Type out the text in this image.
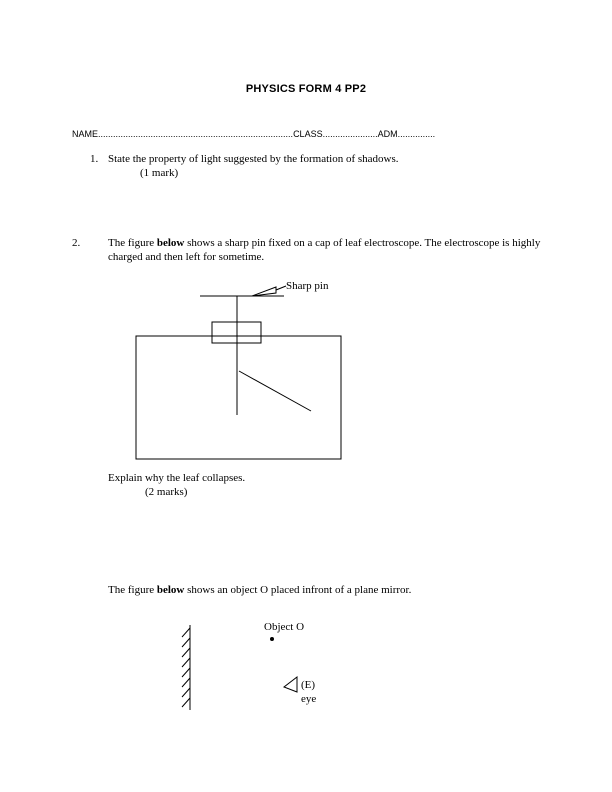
PHYSICS FORM 4 PP2
NAME..............................................................................CLASS......................ADM...............
1. State the property of light suggested by the formation of shadows.
(1 mark)
2.	The figure below shows a sharp pin fixed on a cap of leaf electroscope. The electroscope is highly charged and then left for sometime.
Sharp pin
Explain why the leaf collapses.
(2 marks)
The figure below shows an object O placed infront of a plane mirror.
Object O
(E)
eye
